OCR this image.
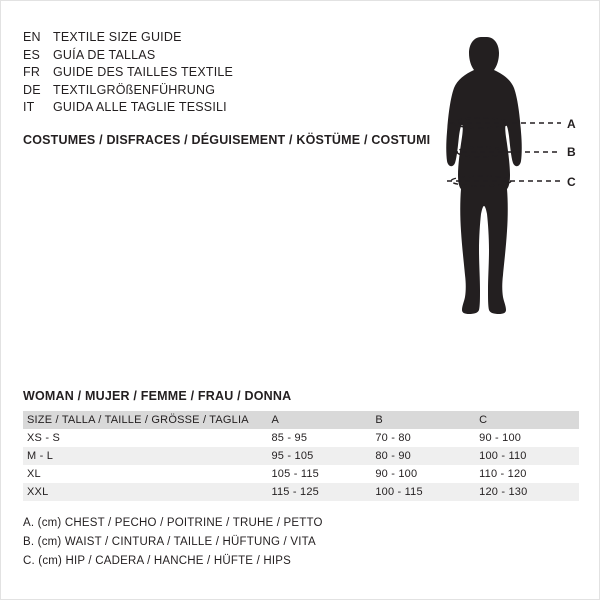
EN TEXTILE SIZE GUIDE
ES	GUÍA DE TALLAS
FR	GUIDE DES TAILLES TEXTILE
DE TEXTILGRÖßENFÜHRUNG
IT	GUIDA ALLE TAGLIE TESSILI
COSTUMES / DISFRACES / DÉGUISEMENT / KÖSTÜME / COSTUMI
A
B
C
WOMAN / MUJER / FEMME / FRAU / DONNA
SIZE / TALLA / TAILLE / GRÖSSE / TAGLIA	A	B	C
XS - S	85 - 95	70 - 80	90 - 100
M - L	95 - 105	80 - 90	100 - 110
XL	105 - 115	90 - 100	110 - 120
XXL	115 - 125	100 - 115	120 - 130
A. (cm) CHEST / PECHO / POITRINE / TRUHE / PETTO
B. (cm) WAIST / CINTURA / TAILLE / HÜFTUNG / VITA
C. (cm) HIP / CADERA / HANCHE / HÜFTE / HIPS
